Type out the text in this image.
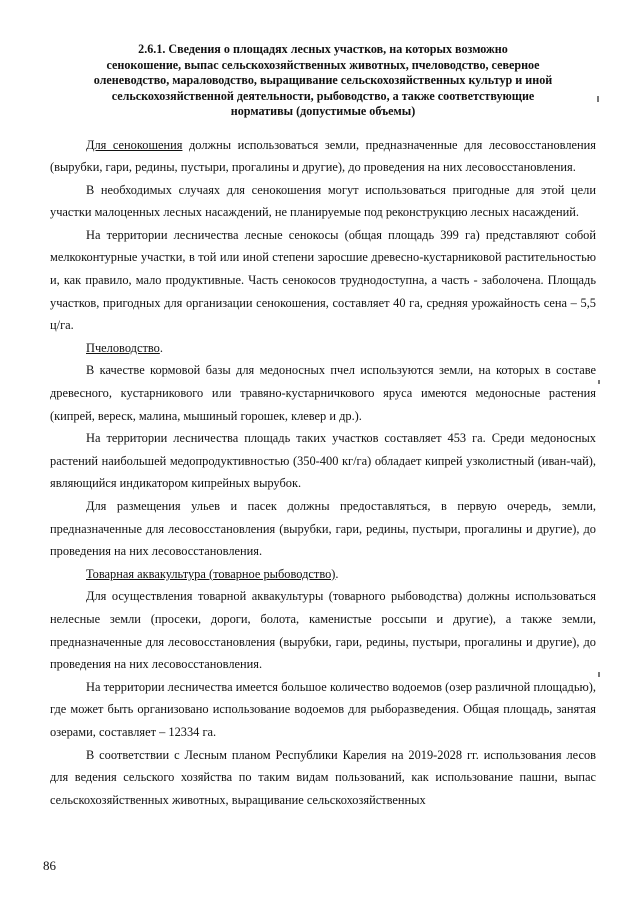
2.6.1. Сведения о площадях лесных участков, на которых возможно
сенокошение, выпас сельскохозяйственных животных, пчеловодство, северное
оленеводство, мараловодство, выращивание сельскохозяйственных культур и иной
сельскохозяйственной деятельности, рыбоводство, а также соответствующие
нормативы (допустимые объемы)

Для сенокошения должны использоваться земли, предназначенные для лесовосстановления (вырубки, гари, редины, пустыри, прогалины и другие), до проведения на них лесовосстановления.

В необходимых случаях для сенокошения могут использоваться пригодные для этой цели участки малоценных лесных насаждений, не планируемые под реконструкцию лесных насаждений.

На территории лесничества лесные сенокосы (общая площадь 399 га) представляют собой мелкоконтурные участки, в той или иной степени заросшие древесно-кустарниковой растительностью и, как правило, мало продуктивные. Часть сенокосов труднодоступна, а часть - заболочена. Площадь участков, пригодных для организации сенокошения, составляет 40 га, средняя урожайность сена – 5,5 ц/га.

Пчеловодство.

В качестве кормовой базы для медоносных пчел используются земли, на которых в составе древесного, кустарникового или травяно-кустарничкового яруса имеются медоносные растения (кипрей, вереск, малина, мышиный горошек, клевер и др.).

На территории лесничества площадь таких участков составляет 453 га. Среди медоносных растений наибольшей медопродуктивностью (350-400 кг/га) обладает кипрей узколистный (иван-чай), являющийся индикатором кипрейных вырубок.

Для размещения ульев и пасек должны предоставляться, в первую очередь, земли, предназначенные для лесовосстановления (вырубки, гари, редины, пустыри, прогалины и другие), до проведения на них лесовосстановления.

Товарная аквакультура (товарное рыбоводство).

Для осуществления товарной аквакультуры (товарного рыбоводства) должны использоваться нелесные земли (просеки, дороги, болота, каменистые россыпи и другие), а также земли, предназначенные для лесовосстановления (вырубки, гари, редины, пустыри, прогалины и другие), до проведения на них лесовосстановления.

На территории лесничества имеется большое количество водоемов (озер различной площадью), где может быть организовано использование водоемов для рыборазведения. Общая площадь, занятая озерами, составляет – 12334 га.

В соответствии с Лесным планом Республики Карелия на 2019-2028 гг. использования лесов для ведения сельского хозяйства по таким видам пользований, как использование пашни, выпас сельскохозяйственных животных, выращивание сельскохозяйственных

86
